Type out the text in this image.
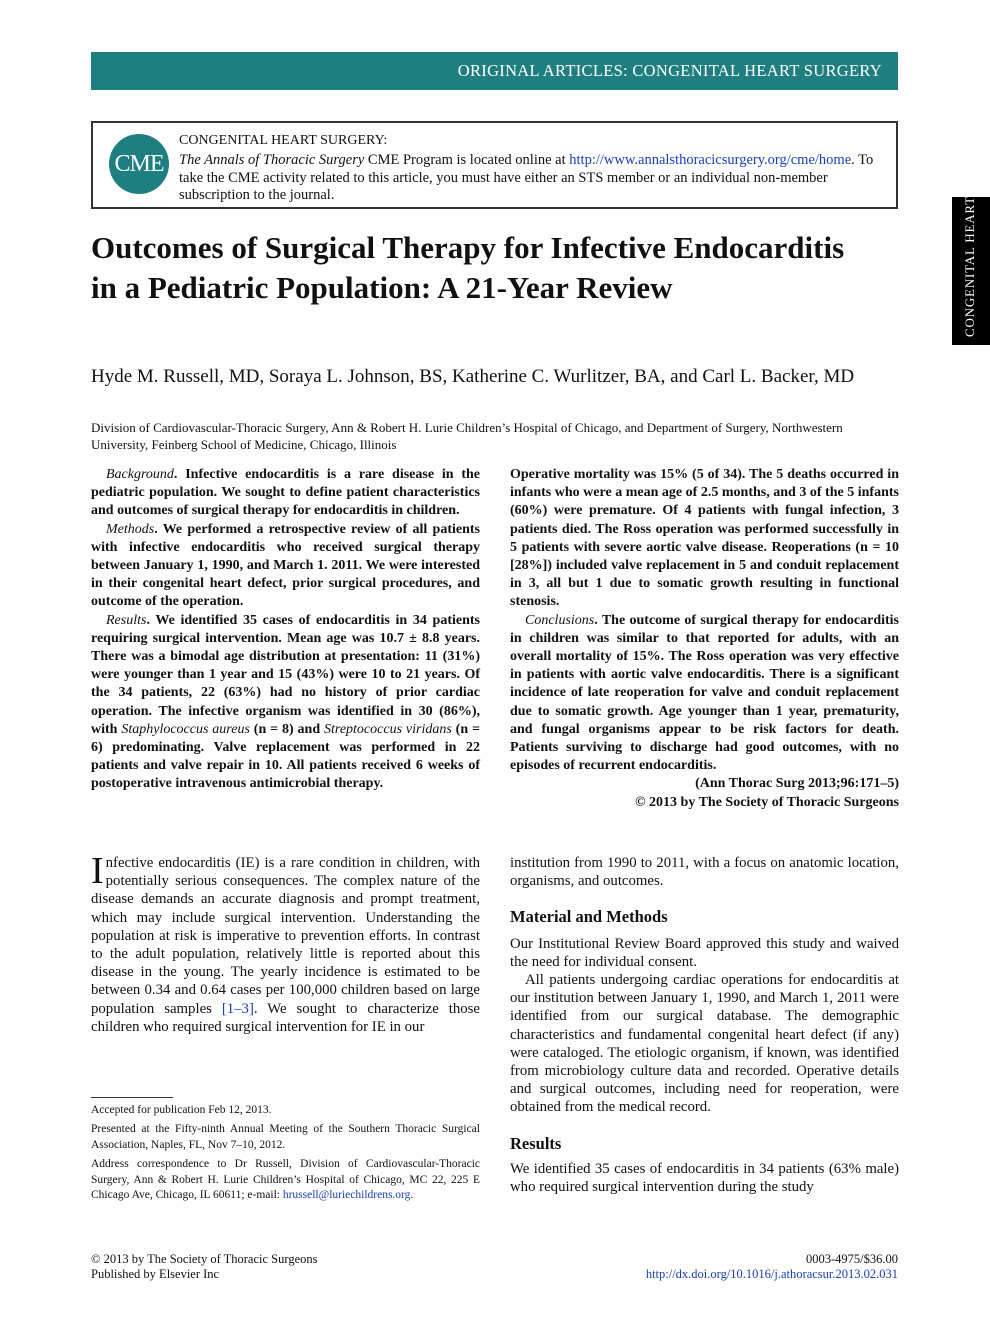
ORIGINAL ARTICLES: CONGENITAL HEART SURGERY
CONGENITAL HEART
CME
CONGENITAL HEART SURGERY:
The Annals of Thoracic Surgery CME Program is located online at http://www.annalsthoracicsurgery.org/cme/home. To take the CME activity related to this article, you must have either an STS member or an individual non-member subscription to the journal.
Outcomes of Surgical Therapy for Infective Endocarditis in a Pediatric Population: A 21-Year Review
Hyde M. Russell, MD, Soraya L. Johnson, BS, Katherine C. Wurlitzer, BA, and Carl L. Backer, MD
Division of Cardiovascular-Thoracic Surgery, Ann & Robert H. Lurie Children’s Hospital of Chicago, and Department of Surgery, Northwestern University, Feinberg School of Medicine, Chicago, Illinois

Background. Infective endocarditis is a rare disease in the pediatric population. We sought to define patient characteristics and outcomes of surgical therapy for endocarditis in children.

Methods. We performed a retrospective review of all patients with infective endocarditis who received surgical therapy between January 1, 1990, and March 1. 2011. We were interested in their congenital heart defect, prior surgical procedures, and outcome of the operation.

Results. We identified 35 cases of endocarditis in 34 patients requiring surgical intervention. Mean age was 10.7 ± 8.8 years. There was a bimodal age distribution at presentation: 11 (31%) were younger than 1 year and 15 (43%) were 10 to 21 years. Of the 34 patients, 22 (63%) had no history of prior cardiac operation. The infective organism was identified in 30 (86%), with Staphylococcus aureus (n = 8) and Streptococcus viridans (n = 6) predominating. Valve replacement was performed in 22 patients and valve repair in 10. All patients received 6 weeks of postoperative intravenous antimicrobial therapy.

Operative mortality was 15% (5 of 34). The 5 deaths occurred in infants who were a mean age of 2.5 months, and 3 of the 5 infants (60%) were premature. Of 4 patients with fungal infection, 3 patients died. The Ross operation was performed successfully in 5 patients with severe aortic valve disease. Reoperations (n = 10 [28%]) included valve replacement in 5 and conduit replacement in 3, all but 1 due to somatic growth resulting in functional stenosis.

Conclusions. The outcome of surgical therapy for endocarditis in children was similar to that reported for adults, with an overall mortality of 15%. The Ross operation was very effective in patients with aortic valve endocarditis. There is a significant incidence of late reoperation for valve and conduit replacement due to somatic growth. Age younger than 1 year, prematurity, and fungal organisms appear to be risk factors for death. Patients surviving to discharge had good outcomes, with no episodes of recurrent endocarditis.

(Ann Thorac Surg 2013;96:171–5)

© 2013 by The Society of Thoracic Surgeons

Infective endocarditis (IE) is a rare condition in children, with potentially serious consequences. The complex nature of the disease demands an accurate diagnosis and prompt treatment, which may include surgical intervention. Understanding the population at risk is imperative to prevention efforts. In contrast to the adult population, relatively little is reported about this disease in the young. The yearly incidence is estimated to be between 0.34 and 0.64 cases per 100,000 children based on large population samples [1–3]. We sought to characterize those children who required surgical intervention for IE in our

institution from 1990 to 2011, with a focus on anatomic location, organisms, and outcomes.

Material and Methods

Our Institutional Review Board approved this study and waived the need for individual consent.

All patients undergoing cardiac operations for endocarditis at our institution between January 1, 1990, and March 1, 2011 were identified from our surgical database. The demographic characteristics and fundamental congenital heart defect (if any) were cataloged. The etiologic organism, if known, was identified from microbiology culture data and recorded. Operative details and surgical outcomes, including need for reoperation, were obtained from the medical record.

Results

We identified 35 cases of endocarditis in 34 patients (63% male) who required surgical intervention during the study

Accepted for publication Feb 12, 2013.

Presented at the Fifty-ninth Annual Meeting of the Southern Thoracic Surgical Association, Naples, FL, Nov 7–10, 2012.

Address correspondence to Dr Russell, Division of Cardiovascular-Thoracic Surgery, Ann & Robert H. Lurie Children’s Hospital of Chicago, MC 22, 225 E Chicago Ave, Chicago, IL 60611; e-mail: hrussell@luriechildrens.org.

© 2013 by The Society of Thoracic Surgeons
Published by Elsevier Inc
0003-4975/$36.00
http://dx.doi.org/10.1016/j.athoracsur.2013.02.031
